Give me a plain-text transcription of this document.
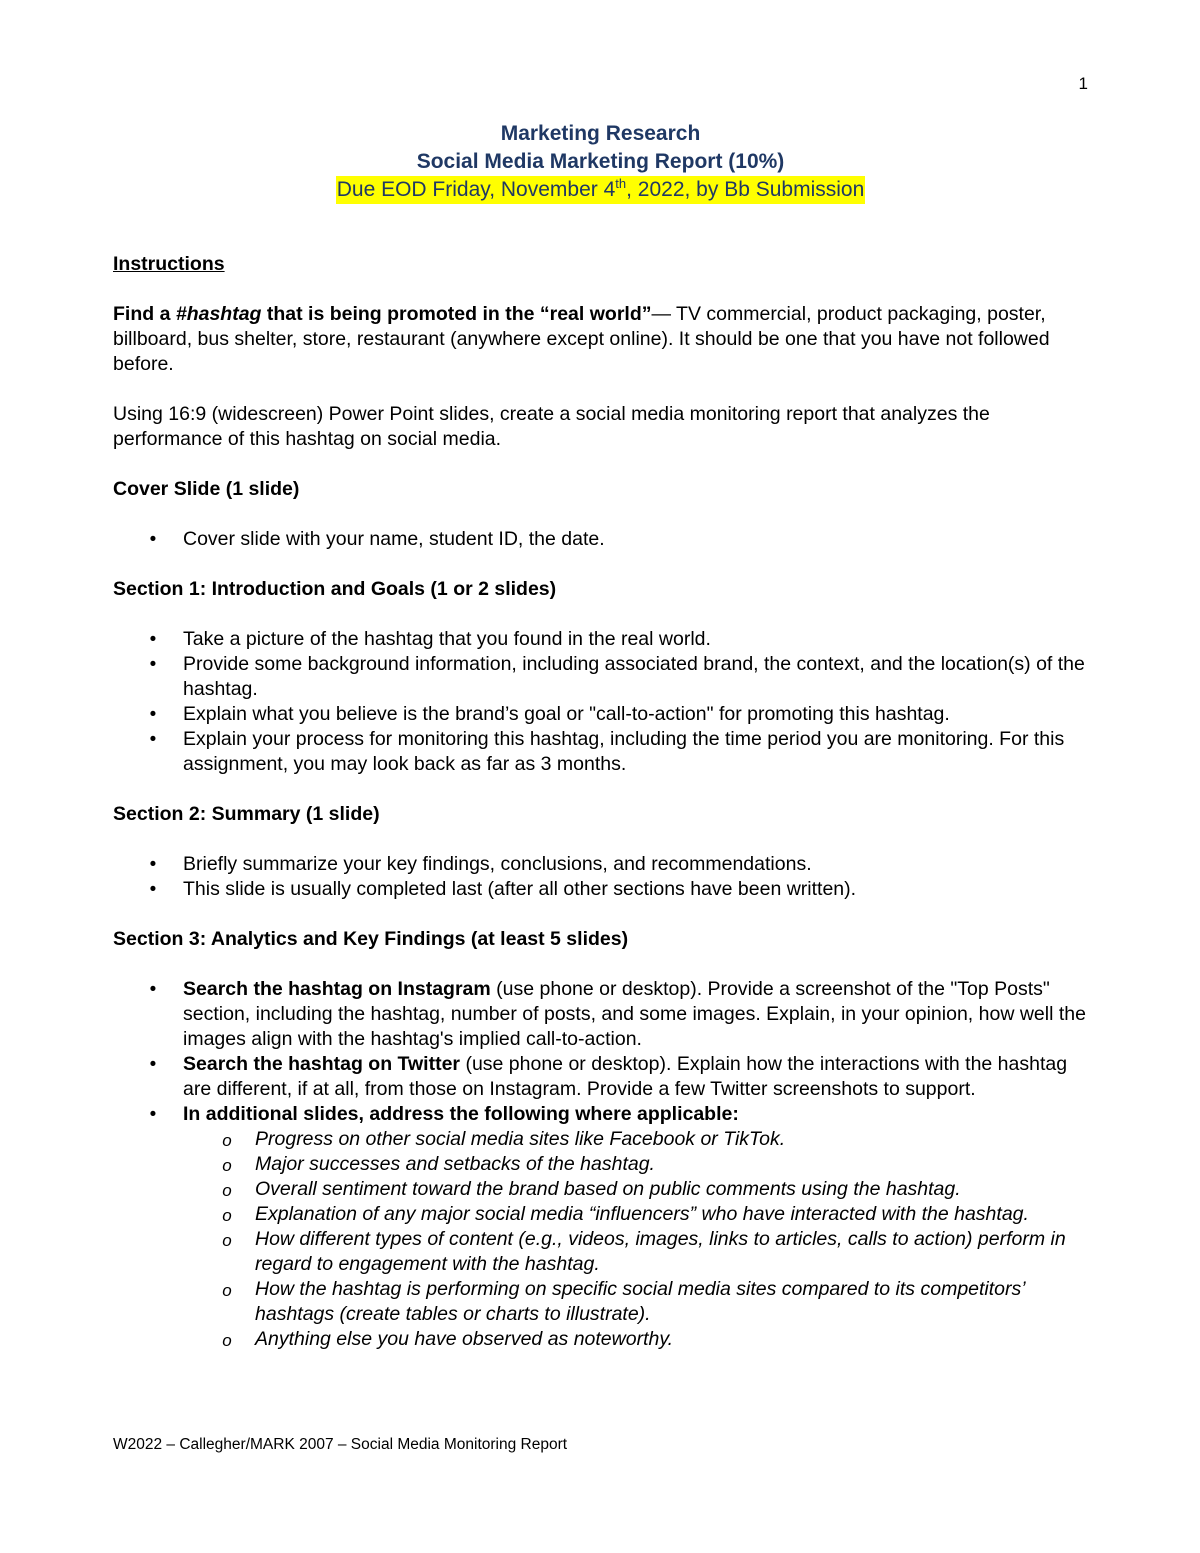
1
Marketing Research
Social Media Marketing Report (10%)
Due EOD Friday, November 4th, 2022, by Bb Submission

Instructions

Find a #hashtag that is being promoted in the “real world”— TV commercial, product packaging, poster, billboard, bus shelter, store, restaurant (anywhere except online). It should be one that you have not followed before.

Using 16:9 (widescreen) Power Point slides, create a social media monitoring report that analyzes the performance of this hashtag on social media.

Cover Slide (1 slide)

•	Cover slide with your name, student ID, the date.

Section 1: Introduction and Goals (1 or 2 slides)

•	Take a picture of the hashtag that you found in the real world.
•	Provide some background information, including associated brand, the context, and the location(s) of the hashtag.
•	Explain what you believe is the brand’s goal or "call-to-action" for promoting this hashtag.
•	Explain your process for monitoring this hashtag, including the time period you are monitoring. For this assignment, you may look back as far as 3 months.

Section 2: Summary (1 slide)

•	Briefly summarize your key findings, conclusions, and recommendations.
•	This slide is usually completed last (after all other sections have been written).

Section 3: Analytics and Key Findings (at least 5 slides)

•	Search the hashtag on Instagram (use phone or desktop). Provide a screenshot of the "Top Posts" section, including the hashtag, number of posts, and some images. Explain, in your opinion, how well the images align with the hashtag's implied call-to-action.
•	Search the hashtag on Twitter (use phone or desktop). Explain how the interactions with the hashtag are different, if at all, from those on Instagram. Provide a few Twitter screenshots to support.
•	In additional slides, address the following where applicable:
o Progress on other social media sites like Facebook or TikTok.
o Major successes and setbacks of the hashtag.
o Overall sentiment toward the brand based on public comments using the hashtag.
o Explanation of any major social media “influencers” who have interacted with the hashtag.
o How different types of content (e.g., videos, images, links to articles, calls to action) perform in regard to engagement with the hashtag.
o How the hashtag is performing on specific social media sites compared to its competitors’ hashtags (create tables or charts to illustrate).
o Anything else you have observed as noteworthy.
W2022 – Callegher/MARK 2007 – Social Media Monitoring Report
